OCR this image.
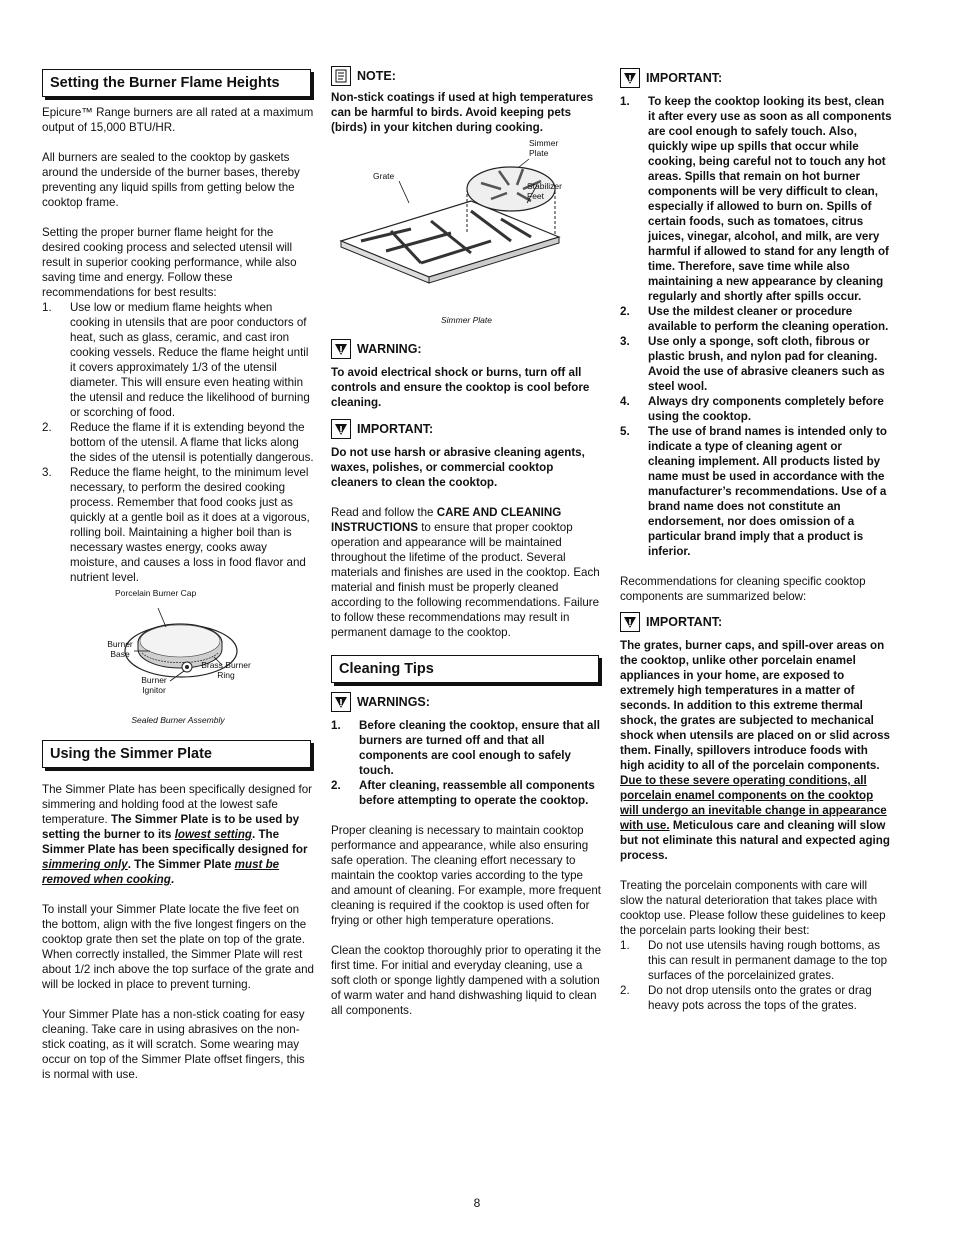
Setting the Burner Flame Heights

Epicure™ Range burners are all rated at a maximum output of 15,000 BTU/HR.

All burners are sealed to the cooktop by gaskets around the underside of the burner bases, thereby preventing any liquid spills from getting below the cooktop frame.

Setting the proper burner flame height for the desired cooking process and selected utensil will result in superior cooking performance, while also saving time and energy. Follow these recommendations for best results:

1. Use low or medium flame heights when cooking in utensils that are poor conductors of heat, such as glass, ceramic, and cast iron cooking vessels. Reduce the flame height until it covers approximately 1/3 of the utensil diameter. This will ensure even heating within the utensil and reduce the likelihood of burning or scorching of food.
2. Reduce the flame if it is extending beyond the bottom of the utensil. A flame that licks along the sides of the utensil is potentially dangerous.
3. Reduce the flame height, to the minimum level necessary, to perform the desired cooking process. Remember that food cooks just as quickly at a gentle boil as it does at a vigorous, rolling boil. Maintaining a higher boil than is necessary wastes energy, cooks away moisture, and causes a loss in food flavor and nutrient level.
Porcelain Burner Cap
Burner Base
Brass Burner Ring
Burner Ignitor
Sealed Burner Assembly
Using the Simmer Plate

The Simmer Plate has been specifically designed for simmering and holding food at the lowest safe temperature. The Simmer Plate is to be used by setting the burner to its lowest setting. The Simmer Plate has been specifically designed for simmering only. The Simmer Plate must be removed when cooking.

To install your Simmer Plate locate the five feet on the bottom, align with the five longest fingers on the cooktop grate then set the plate on top of the grate. When correctly installed, the Simmer Plate will rest about 1/2 inch above the top surface of the grate and will be locked in place to prevent turning.

Your Simmer Plate has a non-stick coating for easy cleaning. Take care in using abrasives on the non-stick coating, as it will scratch. Some wearing may occur on top of the Simmer Plate offset fingers, this is normal with use.

NOTE:

Non-stick coatings if used at high temperatures can be harmful to birds. Avoid keeping pets (birds) in your kitchen during cooking.

Simmer Plate
Grate
Stabilizer Feet
Simmer Plate
WARNING:

To avoid electrical shock or burns, turn off all controls and ensure the cooktop is cool before cleaning.

IMPORTANT:

Do not use harsh or abrasive cleaning agents, waxes, polishes, or commercial cooktop cleaners to clean the cooktop.

Read and follow the CARE AND CLEANING INSTRUCTIONS to ensure that proper cooktop operation and appearance will be maintained throughout the lifetime of the product. Several materials and finishes are used in the cooktop. Each material and finish must be properly cleaned according to the following recommendations. Failure to follow these recommendations may result in permanent damage to the cooktop.

Cleaning Tips
WARNINGS:
1. Before cleaning the cooktop, ensure that all burners are turned off and that all components are cool enough to safely touch.
2. After cleaning, reassemble all components before attempting to operate the cooktop.

Proper cleaning is necessary to maintain cooktop performance and appearance, while also ensuring safe operation. The cleaning effort necessary to maintain the cooktop varies according to the type and amount of cleaning. For example, more frequent cleaning is required if the cooktop is used often for frying or other high temperature operations.

Clean the cooktop thoroughly prior to operating it the first time. For initial and everyday cleaning, use a soft cloth or sponge lightly dampened with a solution of warm water and hand dishwashing liquid to clean all components.

IMPORTANT:
1. To keep the cooktop looking its best, clean it after every use as soon as all components are cool enough to safely touch. Also, quickly wipe up spills that occur while cooking, being careful not to touch any hot areas. Spills that remain on hot burner components will be very difficult to clean, especially if allowed to burn on. Spills of certain foods, such as tomatoes, citrus juices, vinegar, alcohol, and milk, are very harmful if allowed to stand for any length of time. Therefore, save time while also maintaining a new appearance by cleaning regularly and shortly after spills occur.
2. Use the mildest cleaner or procedure available to perform the cleaning operation.
3. Use only a sponge, soft cloth, fibrous or plastic brush, and nylon pad for cleaning. Avoid the use of abrasive cleaners such as steel wool.
4. Always dry components completely before using the cooktop.
5. The use of brand names is intended only to indicate a type of cleaning agent or cleaning implement. All products listed by name must be used in accordance with the manufacturer’s recommendations. Use of a brand name does not constitute an endorsement, nor does omission of a particular brand imply that a product is inferior.

Recommendations for cleaning specific cooktop components are summarized below:

IMPORTANT:

The grates, burner caps, and spill-over areas on the cooktop, unlike other porcelain enamel appliances in your home, are exposed to extremely high temperatures in a matter of seconds. In addition to this extreme thermal shock, the grates are subjected to mechanical shock when utensils are placed on or slid across them. Finally, spillovers introduce foods with high acidity to all of the porcelain components. Due to these severe operating conditions, all porcelain enamel components on the cooktop will undergo an inevitable change in appearance with use. Meticulous care and cleaning will slow but not eliminate this natural and expected aging process.

Treating the porcelain components with care will slow the natural deterioration that takes place with cooktop use. Please follow these guidelines to keep the porcelain parts looking their best:

1. Do not use utensils having rough bottoms, as this can result in permanent damage to the top surfaces of the porcelainized grates.
2. Do not drop utensils onto the grates or drag heavy pots across the tops of the grates.
8
